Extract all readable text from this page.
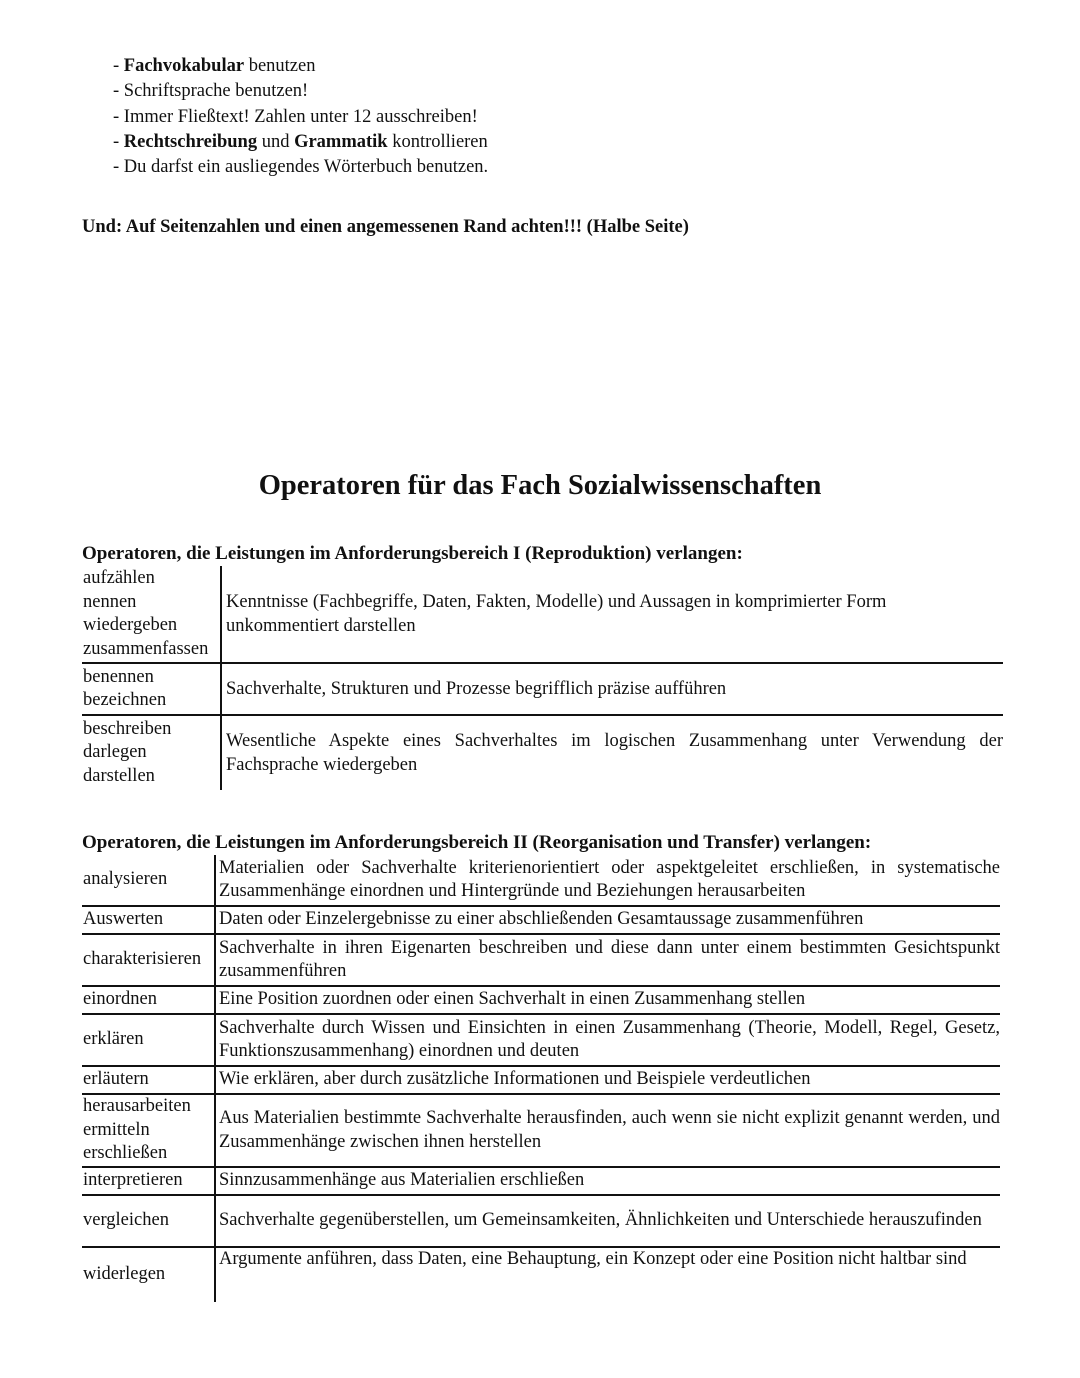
- Fachvokabular benutzen
- Schriftsprache benutzen!
- Immer Fließtext! Zahlen unter 12 ausschreiben!
- Rechtschreibung und Grammatik kontrollieren
- Du darfst ein ausliegendes Wörterbuch benutzen.
Und: Auf Seitenzahlen und einen angemessenen Rand achten!!! (Halbe Seite)
Operatoren für das Fach Sozialwissenschaften
Operatoren, die Leistungen im Anforderungsbereich I (Reproduktion) verlangen:
aufzählen
nennen
wiedergeben
zusammenfassen	Kenntnisse (Fachbegriffe, Daten, Fakten, Modelle) und Aussagen in komprimierter Form unkommentiert darstellen

benennen
bezeichnen	Sachverhalte, Strukturen und Prozesse begrifflich präzise aufführen

beschreiben
darlegen
darstellen	Wesentliche Aspekte eines Sachverhaltes im logischen Zusammenhang unter Verwendung der Fachsprache wiedergeben
Operatoren, die Leistungen im Anforderungsbereich II (Reorganisation und Transfer) verlangen:
analysieren	Materialien oder Sachverhalte kriterienorientiert oder aspektgeleitet erschließen, in systematische Zusammenhänge einordnen und Hintergründe und Beziehungen herausarbeiten

Auswerten	Daten oder Einzelergebnisse zu einer abschließenden Gesamtaussage zusammenführen

charakterisieren	Sachverhalte in ihren Eigenarten beschreiben und diese dann unter einem bestimmten Gesichtspunkt zusammenführen

einordnen	Eine Position zuordnen oder einen Sachverhalt in einen Zusammenhang stellen

erklären	Sachverhalte durch Wissen und Einsichten in einen Zusammenhang (Theorie, Modell, Regel, Gesetz, Funktionszusammenhang) einordnen und deuten

erläutern	Wie erklären, aber durch zusätzliche Informationen und Beispiele verdeutlichen

herausarbeiten
ermitteln
erschließen	Aus Materialien bestimmte Sachverhalte herausfinden, auch wenn sie nicht explizit genannt werden, und Zusammenhänge zwischen ihnen herstellen

interpretieren	Sinnzusammenhänge aus Materialien erschließen

vergleichen	Sachverhalte gegenüberstellen, um Gemeinsamkeiten, Ähnlichkeiten und Unterschiede herauszufinden

widerlegen	Argumente anführen, dass Daten, eine Behauptung, ein Konzept oder eine Position nicht haltbar sind
